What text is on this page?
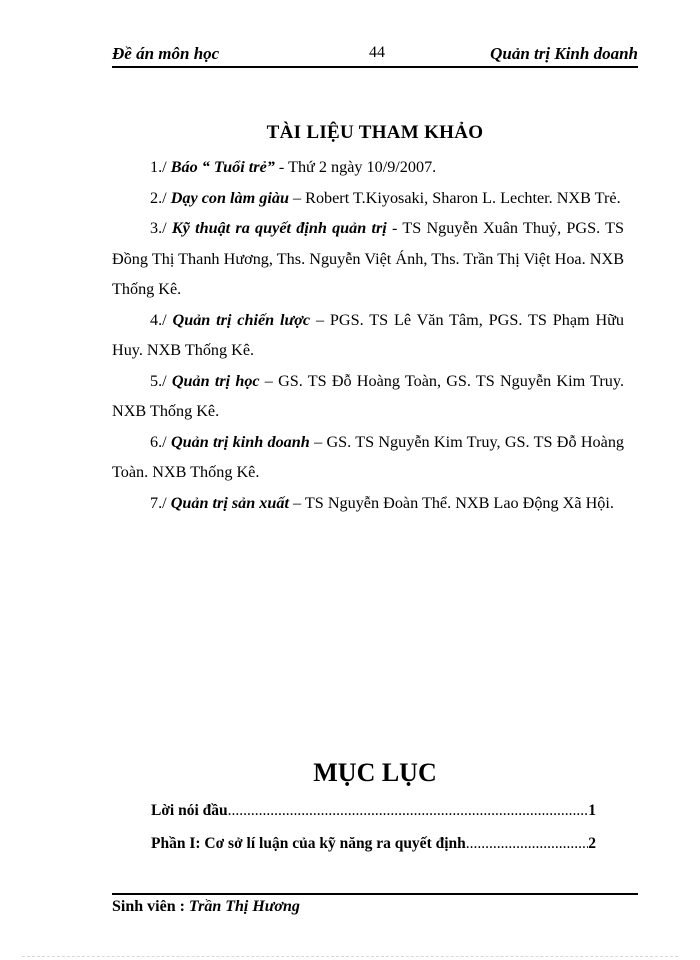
Đề án môn học	44	Quản trị Kinh doanh
TÀI LIỆU THAM KHẢO
1./ Báo “ Tuổi trẻ” - Thứ 2 ngày 10/9/2007.
2./ Dạy con làm giàu – Robert T.Kiyosaki, Sharon L. Lechter. NXB Trẻ.
3./ Kỹ thuật ra quyết định quản trị - TS Nguyễn Xuân Thuỷ, PGS. TS Đồng Thị Thanh Hương, Ths. Nguyễn Việt Ánh, Ths. Trần Thị Việt Hoa. NXB Thống Kê.
4./ Quản trị chiến lược – PGS. TS Lê Văn Tâm, PGS. TS Phạm Hữu Huy. NXB Thống Kê.
5./ Quản trị học – GS. TS Đỗ Hoàng Toàn, GS. TS Nguyễn Kim Truy. NXB Thống Kê.
6./ Quản trị kinh doanh – GS. TS Nguyễn Kim Truy, GS. TS Đỗ Hoàng Toàn. NXB Thống Kê.
7./ Quản trị sản xuất – TS Nguyễn Đoàn Thể. NXB Lao Động Xã Hội.
MỤC LỤC
Lời nói đầu .....	1
Phần I: Cơ sở lí luận của kỹ năng ra quyết định .....	2
Sinh viên : Trần Thị Hương
